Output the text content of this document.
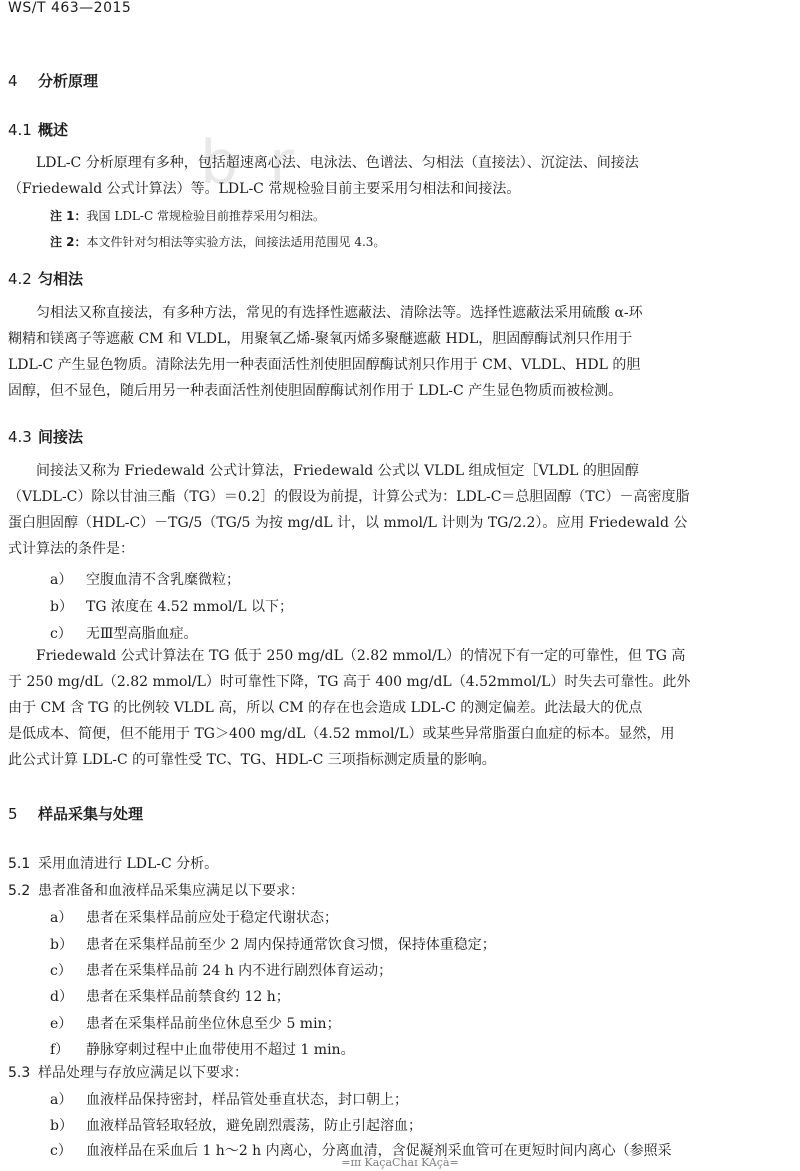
b r
WS/T 463—2015
4 分析原理
4.1 概述
LDL-C 分析原理有多种，包括超速离心法、电泳法、色谱法、匀相法（直接法）、沉淀法、间接法
（Friedewald 公式计算法）等。LDL-C 常规检验目前主要采用匀相法和间接法。
注 1：我国 LDL-C 常规检验目前推荐采用匀相法。
注 2：本文件针对匀相法等实验方法，间接法适用范围见 4.3。
4.2 匀相法
匀相法又称直接法，有多种方法，常见的有选择性遮蔽法、清除法等。选择性遮蔽法采用硫酸 α-环
糊精和镁离子等遮蔽 CM 和 VLDL，用聚氧乙烯-聚氧丙烯多聚醚遮蔽 HDL，胆固醇酶试剂只作用于
LDL-C 产生显色物质。清除法先用一种表面活性剂使胆固醇酶试剂只作用于 CM、VLDL、HDL 的胆
固醇，但不显色，随后用另一种表面活性剂使胆固醇酶试剂作用于 LDL-C 产生显色物质而被检测。
4.3 间接法
间接法又称为 Friedewald 公式计算法，Friedewald 公式以 VLDL 组成恒定［VLDL 的胆固醇
（VLDL-C）除以甘油三酯（TG）＝0.2］的假设为前提，计算公式为：LDL-C＝总胆固醇（TC）－高密度脂
蛋白胆固醇（HDL-C）－TG/5（TG/5 为按 mg/dL 计，以 mmol/L 计则为 TG/2.2）。应用 Friedewald 公
式计算法的条件是：
a） 空腹血清不含乳糜微粒；
b） TG 浓度在 4.52 mmol/L 以下；
c） 无Ⅲ型高脂血症。
Friedewald 公式计算法在 TG 低于 250 mg/dL（2.82 mmol/L）的情况下有一定的可靠性，但 TG 高
于 250 mg/dL（2.82 mmol/L）时可靠性下降，TG 高于 400 mg/dL（4.52mmol/L）时失去可靠性。此外
由于 CM 含 TG 的比例较 VLDL 高，所以 CM 的存在也会造成 LDL-C 的测定偏差。此法最大的优点
是低成本、简便，但不能用于 TG＞400 mg/dL（4.52 mmol/L）或某些异常脂蛋白血症的标本。显然，用
此公式计算 LDL-C 的可靠性受 TC、TG、HDL-C 三项指标测定质量的影响。
5 样品采集与处理
5.1 采用血清进行 LDL-C 分析。
5.2 患者准备和血液样品采集应满足以下要求：
a） 患者在采集样品前应处于稳定代谢状态；
b） 患者在采集样品前至少 2 周内保持通常饮食习惯，保持体重稳定；
c） 患者在采集样品前 24 h 内不进行剧烈体育运动；
d） 患者在采集样品前禁食约 12 h；
e） 患者在采集样品前坐位休息至少 5 min；
f） 静脉穿刺过程中止血带使用不超过 1 min。
5.3 样品处理与存放应满足以下要求：
a） 血液样品保持密封，样品管处垂直状态，封口朝上；
b） 血液样品管轻取轻放，避免剧烈震荡，防止引起溶血；
c） 血液样品在采血后 1 h～2 h 内离心，分离血清，含促凝剂采血管可在更短时间内离心（参照采
=ɪɪɪ KaçaChaɪ KAçà=
